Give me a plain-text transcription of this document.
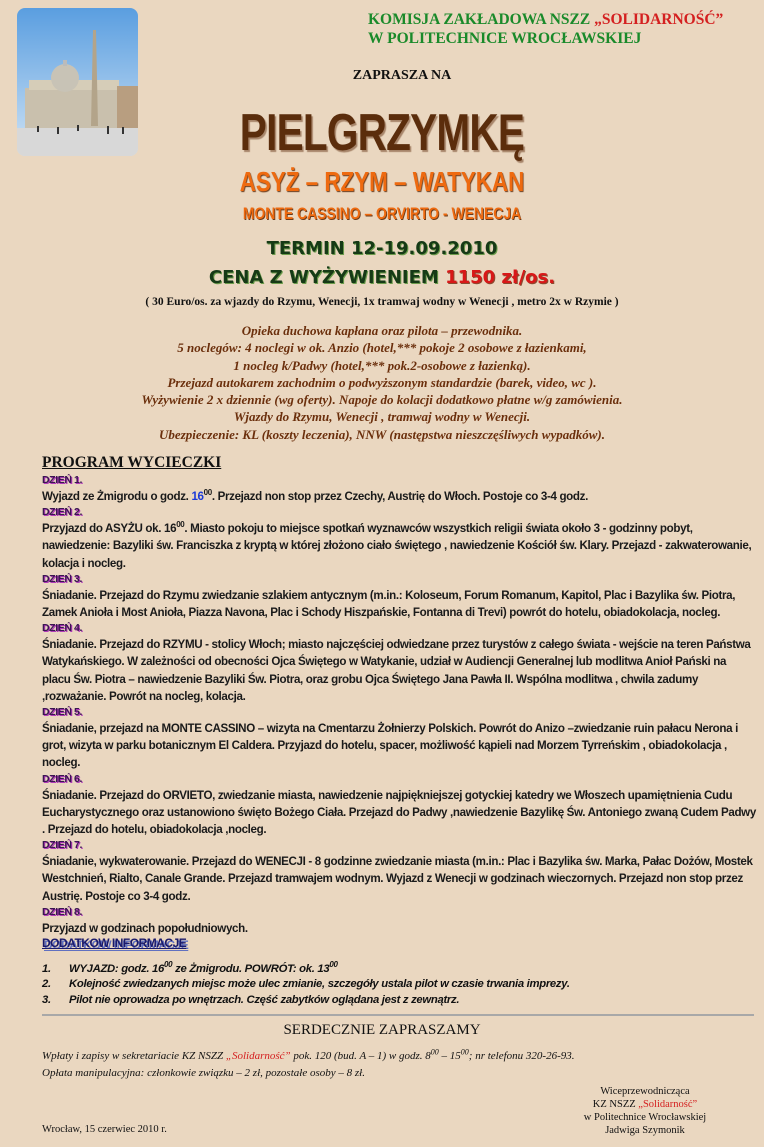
KOMISJA ZAKŁADOWA NSZZ „SOLIDARNOŚĆ”
W POLITECHNICE WROCŁAWSKIEJ
ZAPRASZA NA
PIELGRZYMKĘ
ASYŻ – RZYM – WATYKAN
MONTE CASSINO – ORVIRTO - WENECJA
TERMIN 12-19.09.2010
CENA Z WYŻYWIENIEM 1150 zł/os.
( 30 Euro/os. za wjazdy do Rzymu, Wenecji, 1x tramwaj wodny w Wenecji , metro 2x w Rzymie )
Opieka duchowa kapłana oraz pilota – przewodnika.
5 noclegów: 4 noclegi w ok. Anzio (hotel,*** pokoje 2 osobowe z łazienkami,
1 nocleg k/Padwy (hotel,*** pok.2-osobowe z łazienką).
Przejazd autokarem zachodnim o podwyższonym standardzie (barek, video, wc ).
Wyżywienie 2 x dziennie (wg oferty). Napoje do kolacji dodatkowo płatne w/g zamówienia.
Wjazdy do Rzymu, Wenecji , tramwaj wodny w Wenecji.
Ubezpieczenie: KL (koszty leczenia), NNW (następstwa nieszczęśliwych wypadków).
PROGRAM WYCIECZKI
DZIEŃ 1.

Wyjazd ze Żmigrodu o godz. $16^{00}$. Przejazd non stop przez Czechy, Austrię do Włoch. Postoje co 3-4 godz.

DZIEŃ 2.

Przyjazd do ASYŻU ok. $16^{00}$. Miasto pokoju to miejsce spotkań wyznawców wszystkich religii świata około 3 - godzinny pobyt, nawiedzenie: Bazyliki św. Franciszka z kryptą w której złożono ciało świętego , nawiedzenie Kościół św. Klary. Przejazd - zakwaterowanie, kolacja i nocleg.

DZIEŃ 3.

Śniadanie. Przejazd do Rzymu zwiedzanie szlakiem antycznym (m.in.: Koloseum, Forum Romanum, Kapitol, Plac i Bazylika św. Piotra, Zamek Anioła i Most Anioła, Piazza Navona, Plac i Schody Hiszpańskie, Fontanna di Trevi) powrót do hotelu, obiadokolacja, nocleg.

DZIEŃ 4.

Śniadanie. Przejazd do RZYMU - stolicy Włoch; miasto najczęściej odwiedzane przez turystów z całego świata - wejście na teren Państwa Watykańskiego. W zależności od obecności Ojca Świętego w Watykanie, udział w Audiencji Generalnej lub modlitwa Anioł Pański na placu Św. Piotra – nawiedzenie Bazyliki Św. Piotra, oraz grobu Ojca Świętego Jana Pawła II. Wspólna modlitwa , chwila zadumy ,rozważanie. Powrót na nocleg, kolacja.

DZIEŃ 5.

Śniadanie, przejazd na MONTE CASSINO – wizyta na Cmentarzu Żołnierzy Polskich. Powrót do Anizo –zwiedzanie ruin pałacu Nerona i grot, wizyta w parku botanicznym El Caldera. Przyjazd do hotelu, spacer, możliwość kąpieli nad Morzem Tyrreńskim , obiadokolacja , nocleg.

DZIEŃ 6.

Śniadanie. Przejazd do ORVIETO, zwiedzanie miasta, nawiedzenie najpiękniejszej gotyckiej katedry we Włoszech upamiętnienia Cudu Eucharystycznego oraz ustanowiono święto Bożego Ciała. Przejazd do Padwy ,nawiedzenie Bazylikę Św. Antoniego zwaną Cudem Padwy . Przejazd do hotelu, obiadokolacja ,nocleg.

DZIEŃ 7.

Śniadanie, wykwaterowanie. Przejazd do WENECJI - 8 godzinne zwiedzanie miasta (m.in.: Plac i Bazylika św. Marka, Pałac Dożów, Mostek Westchnień, Rialto, Canale Grande. Przejazd tramwajem wodnym. Wyjazd z Wenecji w godzinach wieczornych. Przejazd non stop przez Austrię. Postoje co 3-4 godz.

DZIEŃ 8.

Przyjazd w godzinach popołudniowych.

DODATKOW INFORMACJE
1. WYJAZD: godz. $16^{00}$ ze Żmigrodu. POWRÓT: ok. $13^{00}$
2. Kolejność zwiedzanych miejsc może ulec zmianie, szczegóły ustala pilot w czasie trwania imprezy.
3. Pilot nie oprowadza po wnętrzach. Część zabytków oglądana jest z zewnątrz.
SERDECZNIE ZAPRASZAMY
Wpłaty i zapisy w sekretariacie KZ NSZZ „Solidarność” pok. 120 (bud. A – 1) w godz. $8^{00} - 15^{00}$; nr telefonu 320-26-93.
Opłata manipulacyjna: członkowie związku – 2 zł, pozostałe osoby – 8 zł.
Wiceprzewodnicząca
KZ NSZZ „Solidarność”
w Politechnice Wrocławskiej
Jadwiga Szymonik
Wrocław, 15 czerwiec 2010 r.
